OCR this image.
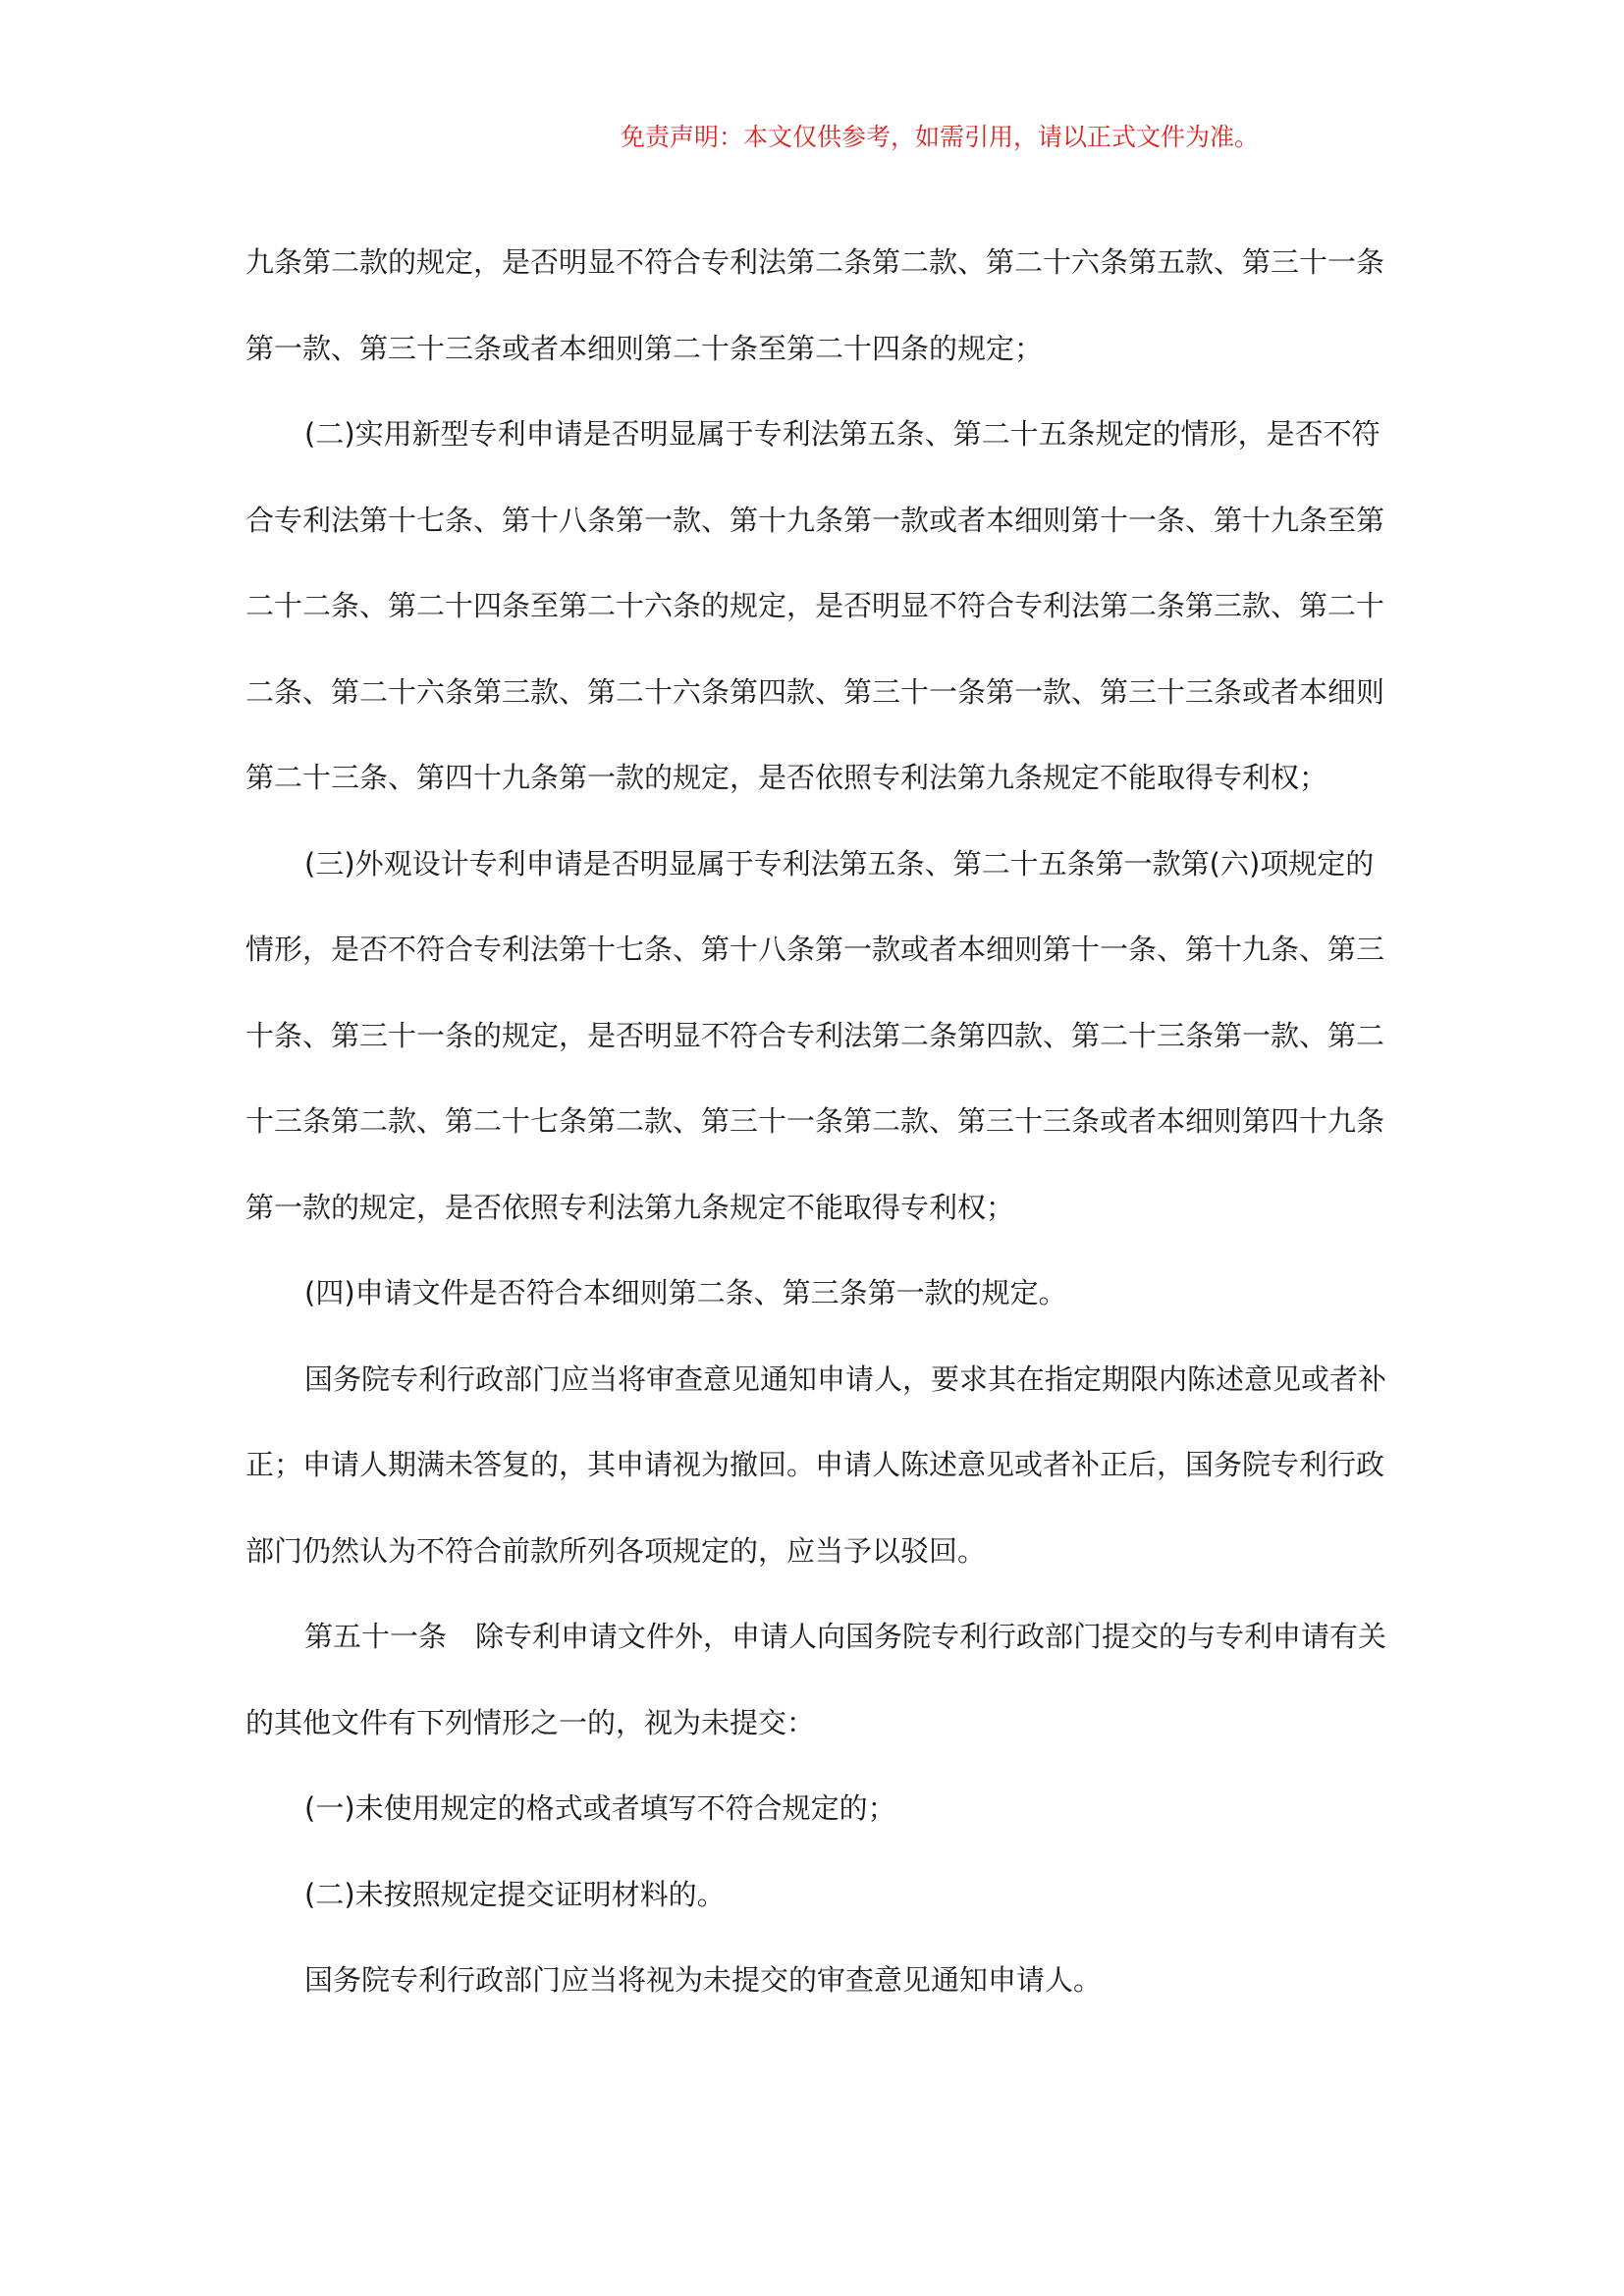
免责声明：本文仅供参考，如需引用，请以正式文件为准。
九条第二款的规定，是否明显不符合专利法第二条第二款、第二十六条第五款、第三十一条
第一款、第三十三条或者本细则第二十条至第二十四条的规定；
(二)实用新型专利申请是否明显属于专利法第五条、第二十五条规定的情形，是否不符
合专利法第十七条、第十八条第一款、第十九条第一款或者本细则第十一条、第十九条至第
二十二条、第二十四条至第二十六条的规定，是否明显不符合专利法第二条第三款、第二十
二条、第二十六条第三款、第二十六条第四款、第三十一条第一款、第三十三条或者本细则
第二十三条、第四十九条第一款的规定，是否依照专利法第九条规定不能取得专利权；
(三)外观设计专利申请是否明显属于专利法第五条、第二十五条第一款第(六)项规定的
情形，是否不符合专利法第十七条、第十八条第一款或者本细则第十一条、第十九条、第三
十条、第三十一条的规定，是否明显不符合专利法第二条第四款、第二十三条第一款、第二
十三条第二款、第二十七条第二款、第三十一条第二款、第三十三条或者本细则第四十九条
第一款的规定，是否依照专利法第九条规定不能取得专利权；
(四)申请文件是否符合本细则第二条、第三条第一款的规定。
国务院专利行政部门应当将审查意见通知申请人，要求其在指定期限内陈述意见或者补
正；申请人期满未答复的，其申请视为撤回。申请人陈述意见或者补正后，国务院专利行政
部门仍然认为不符合前款所列各项规定的，应当予以驳回。
第五十一条　除专利申请文件外，申请人向国务院专利行政部门提交的与专利申请有关
的其他文件有下列情形之一的，视为未提交：
(一)未使用规定的格式或者填写不符合规定的；
(二)未按照规定提交证明材料的。
国务院专利行政部门应当将视为未提交的审查意见通知申请人。
